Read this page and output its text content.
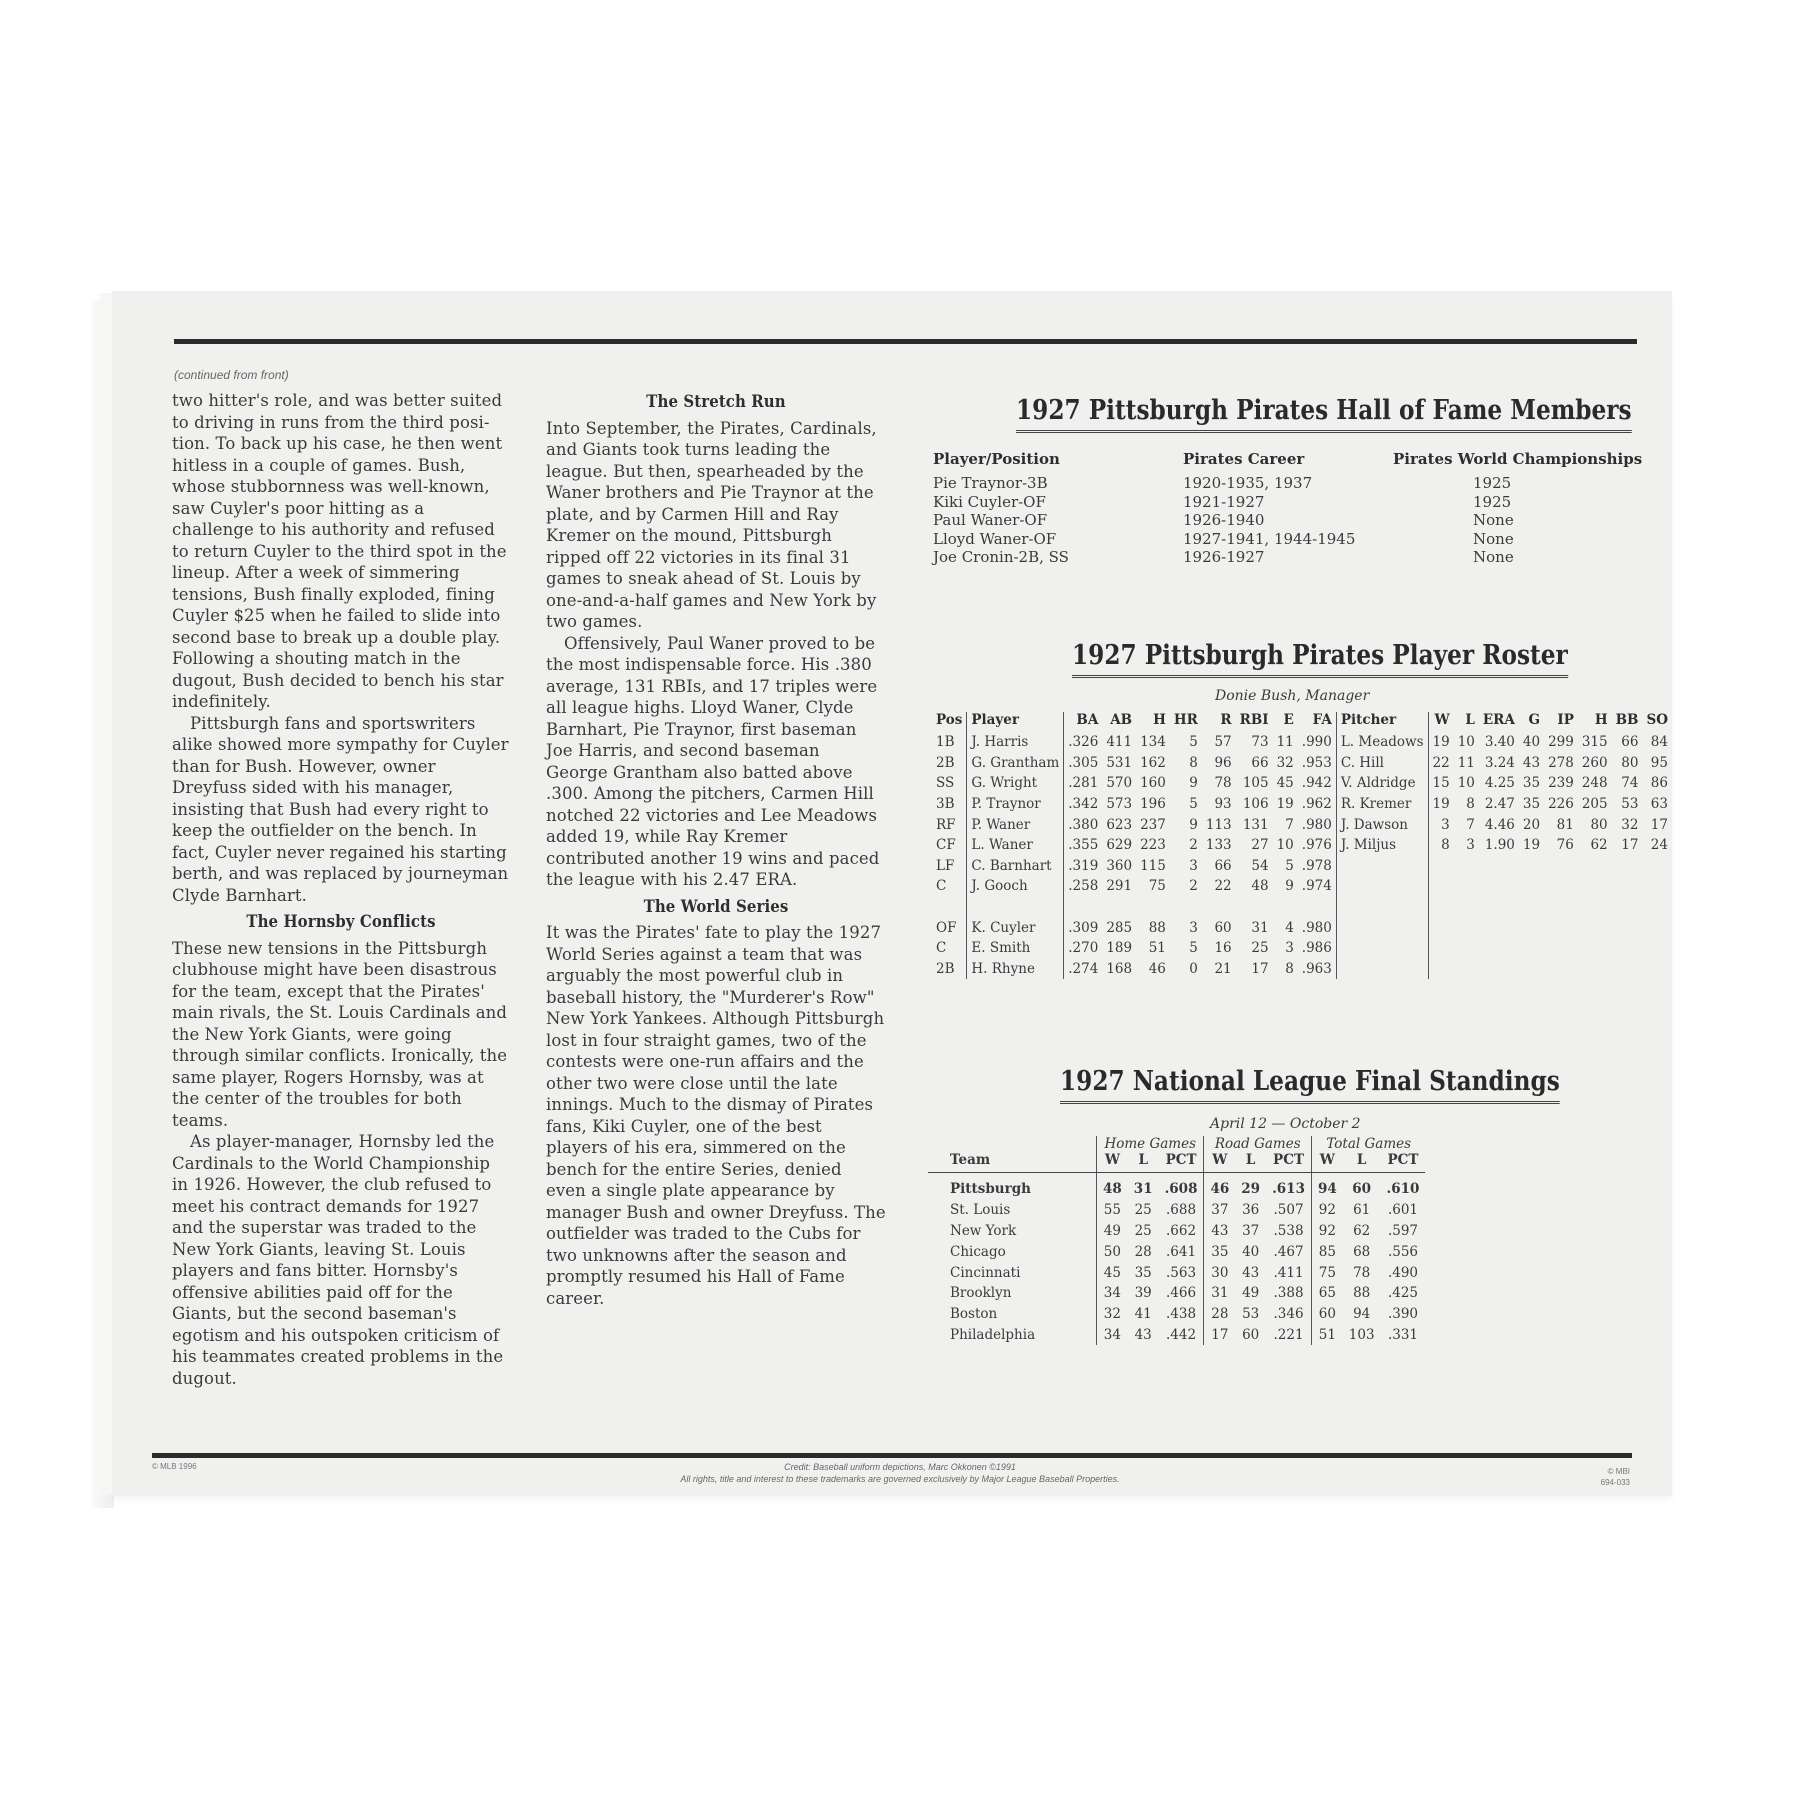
(continued from front)

two hitter's role, and was better suited to driving in runs from the third posi-tion. To back up his case, he then went hitless in a couple of games. Bush, whose stubbornness was well-known, saw Cuyler's poor hitting as a challenge to his authority and refused to return Cuyler to the third spot in the lineup. After a week of simmering tensions, Bush finally exploded, fining Cuyler $25 when he failed to slide into second base to break up a double play. Following a shouting match in the dugout, Bush decided to bench his star indefinitely.

Pittsburgh fans and sportswriters alike showed more sympathy for Cuyler than for Bush. However, owner Dreyfuss sided with his manager, insisting that Bush had every right to keep the outfielder on the bench. In fact, Cuyler never regained his starting berth, and was replaced by journeyman Clyde Barnhart.

The Hornsby Conflicts

These new tensions in the Pittsburgh clubhouse might have been disastrous for the team, except that the Pirates' main rivals, the St. Louis Cardinals and the New York Giants, were going through similar conflicts. Ironically, the same player, Rogers Hornsby, was at the center of the troubles for both teams.

As player-manager, Hornsby led the Cardinals to the World Championship in 1926. However, the club refused to meet his contract demands for 1927 and the superstar was traded to the New York Giants, leaving St. Louis players and fans bitter. Hornsby's offensive abilities paid off for the Giants, but the second baseman's egotism and his outspoken criticism of his teammates created problems in the dugout.

The Stretch Run

Into September, the Pirates, Cardinals, and Giants took turns leading the league. But then, spearheaded by the Waner brothers and Pie Traynor at the plate, and by Carmen Hill and Ray Kremer on the mound, Pittsburgh ripped off 22 victories in its final 31 games to sneak ahead of St. Louis by one-and-a-half games and New York by two games.

Offensively, Paul Waner proved to be the most indispensable force. His .380 average, 131 RBIs, and 17 triples were all league highs. Lloyd Waner, Clyde Barnhart, Pie Traynor, first baseman Joe Harris, and second baseman George Grantham also batted above .300. Among the pitchers, Carmen Hill notched 22 victories and Lee Meadows added 19, while Ray Kremer contributed another 19 wins and paced the league with his 2.47 ERA.

The World Series

It was the Pirates' fate to play the 1927 World Series against a team that was arguably the most powerful club in baseball history, the "Murderer's Row" New York Yankees. Although Pittsburgh lost in four straight games, two of the contests were one-run affairs and the other two were close until the late innings. Much to the dismay of Pirates fans, Kiki Cuyler, one of the best players of his era, simmered on the bench for the entire Series, denied even a single plate appearance by manager Bush and owner Dreyfuss. The outfielder was traded to the Cubs for two unknowns after the season and promptly resumed his Hall of Fame career.

1927 Pittsburgh Pirates Hall of Fame Members
Player/Position	Pirates Career	Pirates World Championships
Pie Traynor-3B	1920-1935, 1937	1925
Kiki Cuyler-OF	1921-1927	1925
Paul Waner-OF	1926-1940	None
Lloyd Waner-OF	1927-1941, 1944-1945	None
Joe Cronin-2B, SS	1926-1927	None
1927 Pittsburgh Pirates Player Roster
Donie Bush, Manager
Pos	Player	BA	AB	H	HR	R	RBI	E	FA	Pitcher	W	L	ERA	G	IP	H	BB	SO
1B	J. Harris	.326	411	134	5	57	73	11	.990	L. Meadows	19	10	3.40	40	299	315	66	84
2B	G. Grantham	.305	531	162	8	96	66	32	.953	C. Hill	22	11	3.24	43	278	260	80	95
SS	G. Wright	.281	570	160	9	78	105	45	.942	V. Aldridge	15	10	4.25	35	239	248	74	86
3B	P. Traynor	.342	573	196	5	93	106	19	.962	R. Kremer	19	8	2.47	35	226	205	53	63
RF	P. Waner	.380	623	237	9	113	131	7	.980	J. Dawson	3	7	4.46	20	81	80	32	17
CF	L. Waner	.355	629	223	2	133	27	10	.976	J. Miljus	8	3	1.90	19	76	62	17	24
LF	C. Barnhart	.319	360	115	3	66	54	5	.978									
C	J. Gooch	.258	291	75	2	22	48	9	.974									

OF	K. Cuyler	.309	285	88	3	60	31	4	.980									
C	E. Smith	.270	189	51	5	16	25	3	.986									
2B	H. Rhyne	.274	168	46	0	21	17	8	.963									
1927 National League Final Standings
April 12 — October 2
	Home Games			Road Games			Total Games		
Team	W	L	PCT	W	L	PCT	W	L	PCT
Pittsburgh	48	31	.608	46	29	.613	94	60	.610
St. Louis	55	25	.688	37	36	.507	92	61	.601
New York	49	25	.662	43	37	.538	92	62	.597
Chicago	50	28	.641	35	40	.467	85	68	.556
Cincinnati	45	35	.563	30	43	.411	75	78	.490
Brooklyn	34	39	.466	31	49	.388	65	88	.425
Boston	32	41	.438	28	53	.346	60	94	.390
Philadelphia	34	43	.442	17	60	.221	51	103	.331
© MLB 1996	Credit: Baseball uniform depictions, Marc Okkonen ©1991
All rights, title and interest to these trademarks are governed exclusively by Major League Baseball Properties.
© MBI
694-033
